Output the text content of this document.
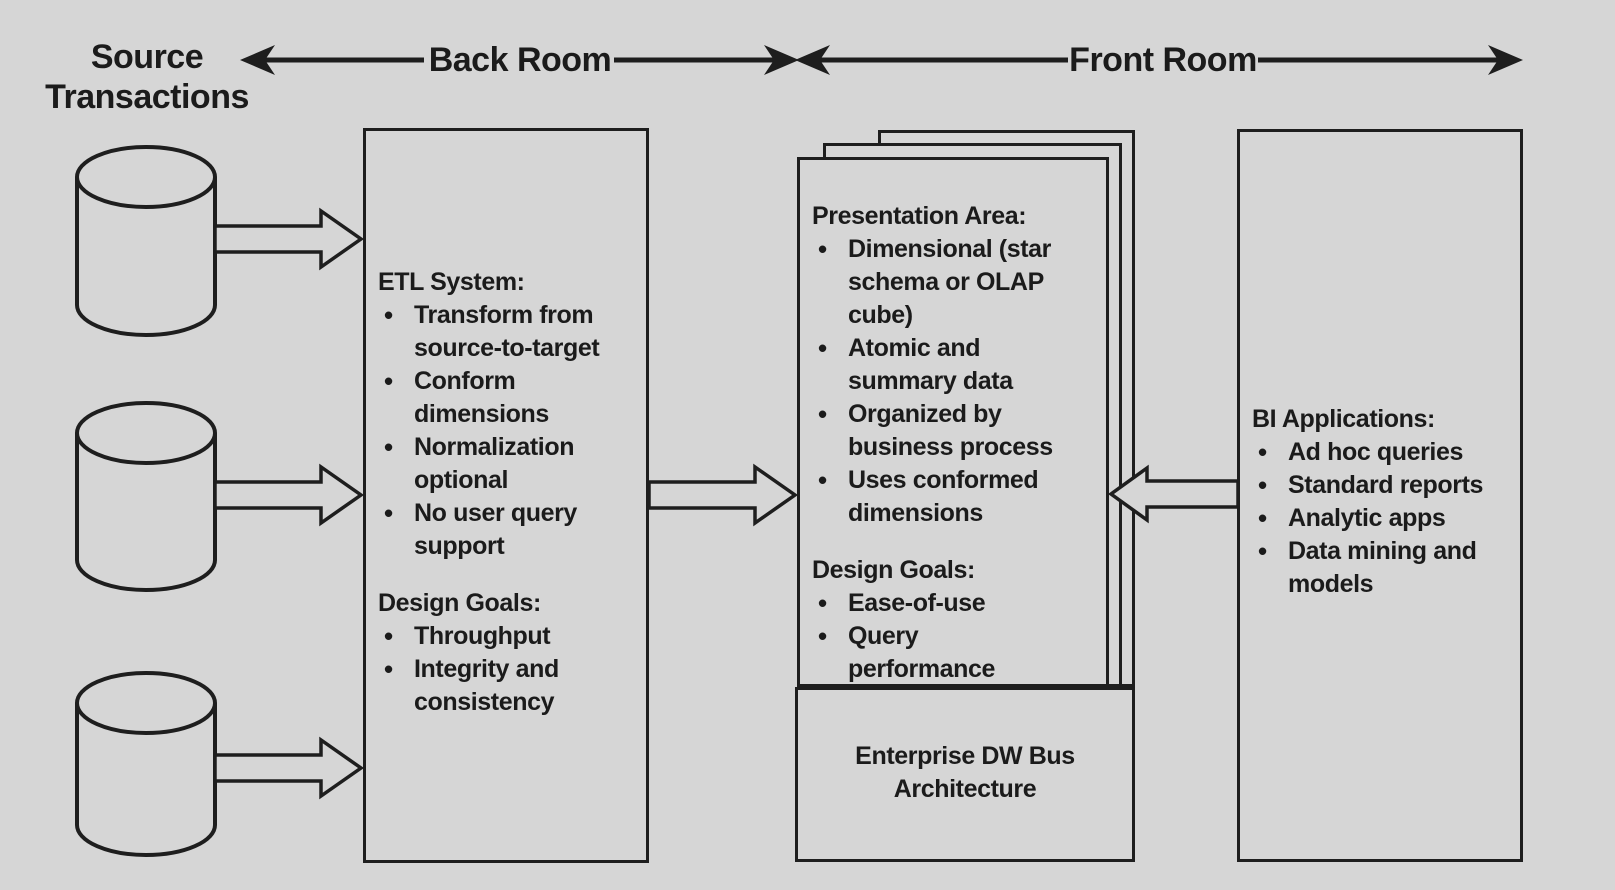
Source
Transactions
Back Room	Front Room
ETL System:
• Transform from source-to-target
• Conform dimensions
• Normalization optional
• No user query support
Design Goals:
• Throughput
• Integrity and consistency
Presentation Area:
• Dimensional (star schema or OLAP cube)
• Atomic and summary data
• Organized by business process
• Uses conformed dimensions
Design Goals:
• Ease-of-use
• Query performance
Enterprise DW Bus Architecture
BI Applications:
• Ad hoc queries
• Standard reports
• Analytic apps
• Data mining and models
